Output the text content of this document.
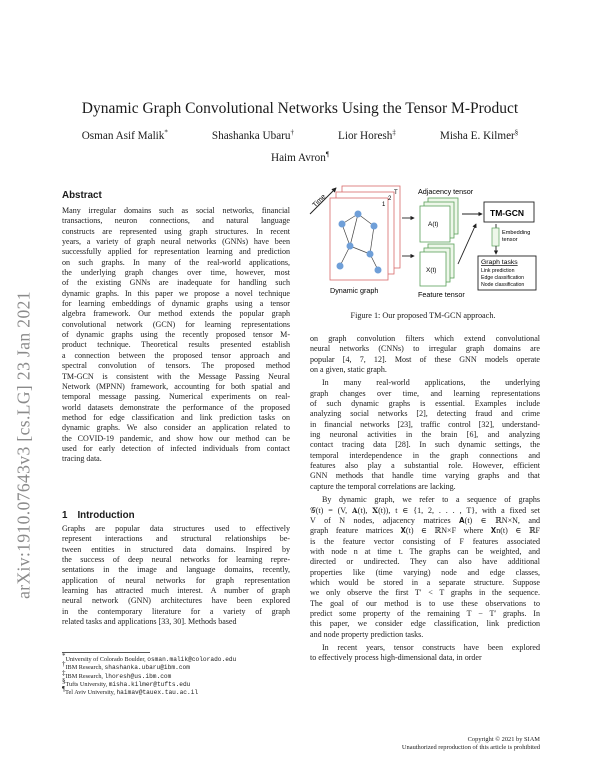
arXiv:1910.07643v3 [cs.LG] 23 Jan 2021
Dynamic Graph Convolutional Networks Using the Tensor M-Product
Osman Asif Malik*	Shashanka Ubaru†	Lior Horesh‡	Misha E. Kilmer§
Haim Avron¶
Abstract
Many irregular domains such as social networks, financial
transactions, neuron connections, and natural language
constructs are represented using graph structures. In recent
years, a variety of graph neural networks (GNNs) have been
successfully applied for representation learning and prediction
on such graphs. In many of the real-world applications,
the underlying graph changes over time, however, most
of the existing GNNs are inadequate for handling such
dynamic graphs. In this paper we propose a novel technique
for learning embeddings of dynamic graphs using a tensor
algebra framework. Our method extends the popular graph
convolutional network (GCN) for learning representations
of dynamic graphs using the recently proposed tensor M-
product technique. Theoretical results presented establish
a connection between the proposed tensor approach and
spectral convolution of tensors. The proposed method
TM-GCN is consistent with the Message Passing Neural
Network (MPNN) framework, accounting for both spatial and
temporal message passing. Numerical experiments on real-
world datasets demonstrate the performance of the proposed
method for edge classification and link prediction tasks on
dynamic graphs. We also consider an application related to
the COVID-19 pandemic, and show how our method can be
used for early detection of infected individuals from contact
tracing data.
1 Introduction
Graphs are popular data structures used to effectively
represent interactions and structural relationships be-
tween entities in structured data domains. Inspired by
the success of deep neural networks for learning repre-
sentations in the image and language domains, recently,
application of neural networks for graph representation
learning has attracted much interest. A number of graph
neural network (GNN) architectures have been explored
in the contemporary literature for a variety of graph
related tasks and applications [33, 30]. Methods based
*University of Colorado Boulder, osman.malik@colorado.edu
†IBM Research, shashanka.ubaru@ibm.com
‡IBM Research, lhoresh@us.ibm.com
§Tufts University, misha.kilmer@tufts.edu
¶Tel Aviv University, haimav@tauex.tau.ac.il
Time
T
2
1
Dynamic graph
Adjacency tensor
A(t)
X(t)
Feature tensor
TM-GCN
Embedding
tensor
Graph tasks
Link prediction
Edge classification
Node classification
Figure 1: Our proposed TM-GCN approach.
on graph convolution filters which extend convolutional
neural networks (CNNs) to irregular graph domains are
popular [4, 7, 12]. Most of these GNN models operate
on a given, static graph.
In many real-world applications, the underlying
graph changes over time, and learning representations
of such dynamic graphs is essential. Examples include
analyzing social networks [2], detecting fraud and crime
in financial networks [23], traffic control [32], understand-
ing neuronal activities in the brain [6], and analyzing
contact tracing data [28]. In such dynamic settings, the
temporal interdependence in the graph connections and
features also play a substantial role. However, efficient
GNN methods that handle time varying graphs and that
capture the temporal correlations are lacking.
By dynamic graph, we refer to a sequence of graphs
𝒢(t) = (V, 𝐀(t), 𝐗(t)), t ∈ {1, 2, . . . , T}, with a fixed set
V of N nodes, adjacency matrices 𝐀(t) ∈ ℝN×N, and
graph feature matrices 𝐗(t) ∈ ℝN×F where 𝐗n(t) ∈ ℝF
is the feature vector consisting of F features associated
with node n at time t. The graphs can be weighted, and
directed or undirected. They can also have additional
properties like (time varying) node and edge classes,
which would be stored in a separate structure. Suppose
we only observe the first T′ < T graphs in the sequence.
The goal of our method is to use these observations to
predict some property of the remaining T − T′ graphs. In
this paper, we consider edge classification, link prediction
and node property prediction tasks.
In recent years, tensor constructs have been explored
to effectively process high-dimensional data, in order
Copyright © 2021 by SIAM
Unauthorized reproduction of this article is prohibited
